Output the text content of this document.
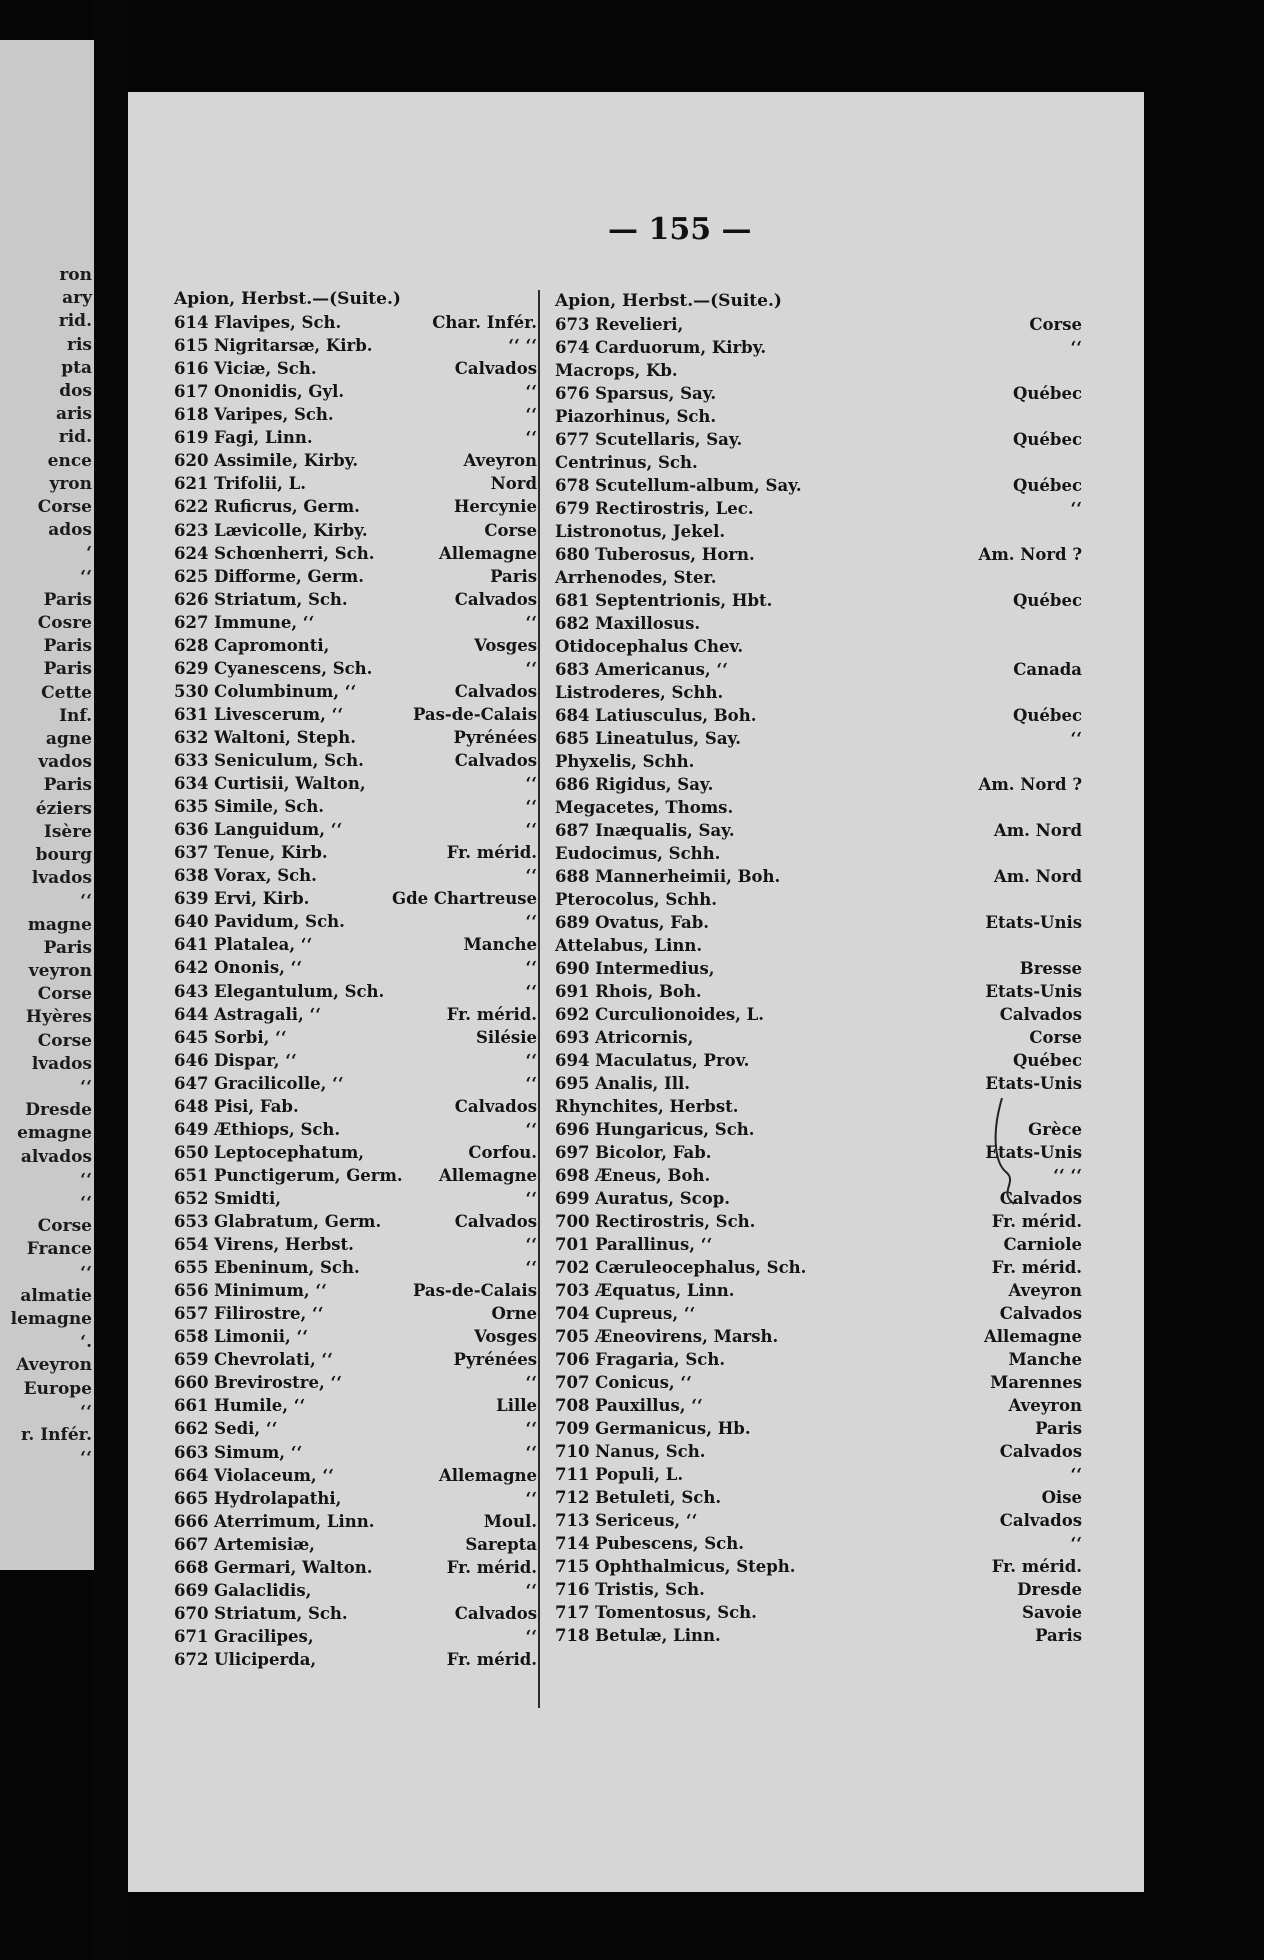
ron
ary
rid.
ris
pta
dos
aris
rid.
ence
yron
Corse
ados
‘
‘‘
Paris
Cosre
Paris
Paris
Cette
Inf.
agne
vados
Paris
éziers
Isère
bourg
lvados
‘‘
magne
Paris
veyron
Corse
Hyères
Corse
lvados
‘‘
Dresde
emagne
alvados
‘‘
‘‘
Corse
France
‘‘
almatie
lemagne
‘.
Aveyron
Europe
‘‘
r. Infér.
‘‘
— 155 —
Apion, Herbst.—(Suite.)
614 Flavipes, Sch.	Char. Infér.
615 Nigritarsæ, Kirb.	‘‘ ‘‘
616 Viciæ, Sch.	Calvados
617 Ononidis, Gyl.	‘‘
618 Varipes, Sch.	‘‘
619 Fagi, Linn.	‘‘
620 Assimile, Kirby.	Aveyron
621 Trifolii, L.	Nord
622 Ruficrus, Germ.	Hercynie
623 Lævicolle, Kirby.	Corse
624 Schœnherri, Sch.	Allemagne
625 Difforme, Germ.	Paris
626 Striatum, Sch.	Calvados
627 Immune, ‘‘	‘‘
628 Capromonti,	Vosges
629 Cyanescens, Sch.	‘‘
530 Columbinum, ‘‘	Calvados
631 Livescerum, ‘‘	Pas-de-Calais
632 Waltoni, Steph.	Pyrénées
633 Seniculum, Sch.	Calvados
634 Curtisii, Walton,	‘‘
635 Simile, Sch.	‘‘
636 Languidum, ‘‘	‘‘
637 Tenue, Kirb.	Fr. mérid.
638 Vorax, Sch.	‘‘
639 Ervi, Kirb.	Gde Chartreuse
640 Pavidum, Sch.	‘‘
641 Platalea, ‘‘	Manche
642 Ononis, ‘‘	‘‘
643 Elegantulum, Sch.	‘‘
644 Astragali, ‘‘	Fr. mérid.
645 Sorbi, ‘‘	Silésie
646 Dispar, ‘‘	‘‘
647 Gracilicolle, ‘‘	‘‘
648 Pisi, Fab.	Calvados
649 Æthiops, Sch.	‘‘
650 Leptocephatum,	Corfou.
651 Punctigerum, Germ. Allemagne
652 Smidti,	‘‘
653 Glabratum, Germ.	Calvados
654 Virens, Herbst.	‘‘
655 Ebeninum, Sch.	‘‘
656 Minimum, ‘‘	Pas-de-Calais
657 Filirostre, ‘‘	Orne
658 Limonii, ‘‘	Vosges
659 Chevrolati, ‘‘	Pyrénées
660 Brevirostre, ‘‘	‘‘
661 Humile, ‘‘	Lille
662 Sedi, ‘‘	‘‘
663 Simum, ‘‘	‘‘
664 Violaceum, ‘‘	Allemagne
665 Hydrolapathi,	‘‘
666 Aterrimum, Linn.	Moul.
667 Artemisiæ,	Sarepta
668 Germari, Walton.	Fr. mérid.
669 Galaclidis,	‘‘
670 Striatum, Sch.	Calvados
671 Gracilipes,	‘‘
672 Uliciperda,	Fr. mérid.
Apion, Herbst.—(Suite.)
673 Revelieri,	Corse
674 Carduorum, Kirby.	‘‘
Macrops, Kb.
676 Sparsus, Say.	Québec
Piazorhinus, Sch.
677 Scutellaris, Say.	Québec
Centrinus, Sch.
678 Scutellum-album, Say.	Québec
679 Rectirostris, Lec.	‘‘
Listronotus, Jekel.
680 Tuberosus, Horn.	Am. Nord ?
Arrhenodes, Ster.
681 Septentrionis, Hbt.	Québec
682 Maxillosus.
Otidocephalus Chev.
683 Americanus, ‘‘	Canada
Listroderes, Schh.
684 Latiusculus, Boh.	Québec
685 Lineatulus, Say.	‘‘
Phyxelis, Schh.
686 Rigidus, Say.	Am. Nord ?
Megacetes, Thoms.
687 Inæqualis, Say.	Am. Nord
Eudocimus, Schh.
688 Mannerheimii, Boh.	Am. Nord
Pterocolus, Schh.
689 Ovatus, Fab.	Etats-Unis
Attelabus, Linn.
690 Intermedius,	Bresse
691 Rhois, Boh.	Etats-Unis
692 Curculionoides, L.	Calvados
693 Atricornis,	Corse
694 Maculatus, Prov.	Québec
695 Analis, Ill.	Etats-Unis
Rhynchites, Herbst.
696 Hungaricus, Sch.	Grèce
697 Bicolor, Fab.	Etats-Unis
698 Æneus, Boh.	‘‘ ‘‘
699 Auratus, Scop.	Calvados
700 Rectirostris, Sch.	Fr. mérid.
701 Parallinus, ‘‘	Carniole
702 Cæruleocephalus, Sch.	Fr. mérid.
703 Æquatus, Linn.	Aveyron
704 Cupreus, ‘‘	Calvados
705 Æneovirens, Marsh.	Allemagne
706 Fragaria, Sch.	Manche
707 Conicus, ‘‘	Marennes
708 Pauxillus, ‘‘	Aveyron
709 Germanicus, Hb.	Paris
710 Nanus, Sch.	Calvados
711 Populi, L.	‘‘
712 Betuleti, Sch.	Oise
713 Sericeus, ‘‘	Calvados
714 Pubescens, Sch.	‘‘
715 Ophthalmicus, Steph.	Fr. mérid.
716 Tristis, Sch.	Dresde
717 Tomentosus, Sch.	Savoie
718 Betulæ, Linn.	Paris
